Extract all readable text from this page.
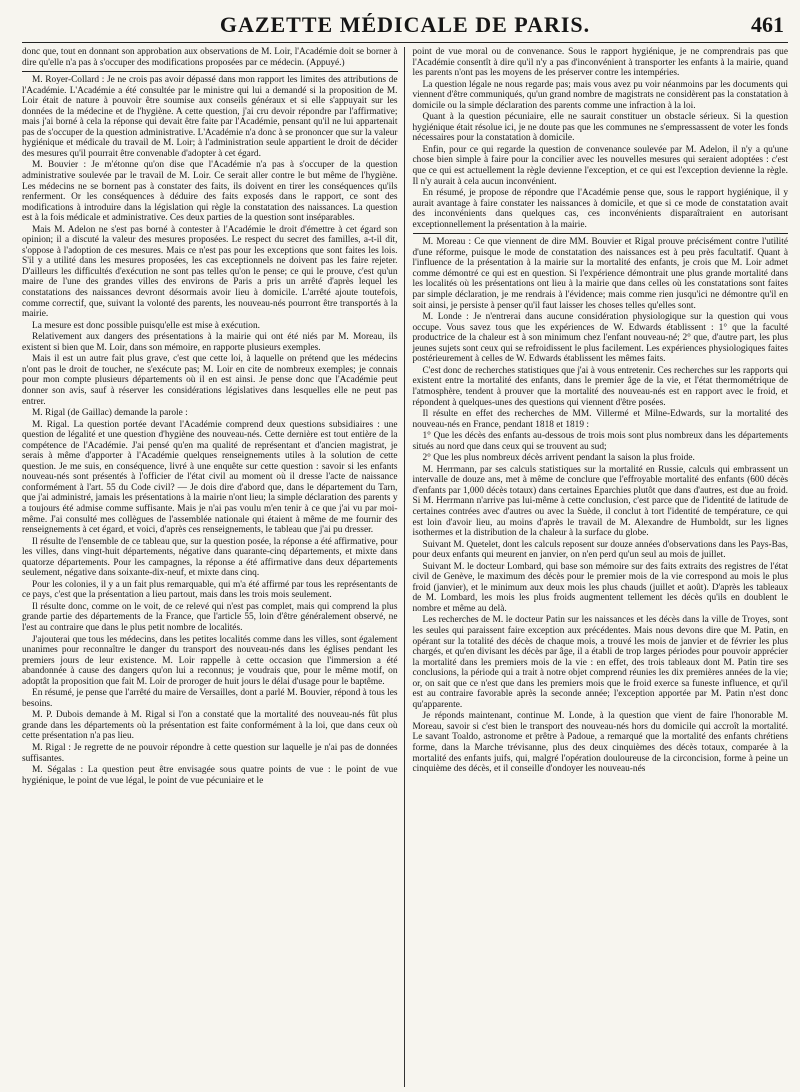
GAZETTE MÉDICALE DE PARIS.	461

donc que, tout en donnant son approbation aux observations de M. Loir, l'Académie doit se borner à dire qu'elle n'a pas à s'occuper des modifications proposées par ce médecin. (Appuyé.)

M. Royer-Collard : Je ne crois pas avoir dépassé dans mon rapport les limites des attributions de l'Académie. L'Académie a été consultée par le ministre qui lui a demandé si la proposition de M. Loir était de nature à pouvoir être soumise aux conseils généraux et si elle s'appuyait sur les données de la médecine et de l'hygiène. A cette question, j'ai cru devoir répondre par l'affirmative; mais j'ai borné à cela la réponse qui devait être faite par l'Académie, pensant qu'il ne lui appartenait pas de s'occuper de la question administrative. L'Académie n'a donc à se prononcer que sur la valeur hygiénique et médicale du travail de M. Loir; à l'administration seule appartient le droit de décider des mesures qu'il pourrait être convenable d'adopter à cet égard.

M. Bouvier : Je m'étonne qu'on dise que l'Académie n'a pas à s'occuper de la question administrative soulevée par le travail de M. Loir. Ce serait aller contre le but même de l'hygiène. Les médecins ne se bornent pas à constater des faits, ils doivent en tirer les conséquences qu'ils renferment. Or les conséquences à déduire des faits exposés dans le rapport, ce sont des modifications à introduire dans la législation qui règle la constatation des naissances. La question est à la fois médicale et administrative. Ces deux parties de la question sont inséparables.

Mais M. Adelon ne s'est pas borné à contester à l'Académie le droit d'émettre à cet égard son opinion; il a discuté la valeur des mesures proposées. Le respect du secret des familles, a-t-il dit, s'oppose à l'adoption de ces mesures. Mais ce n'est pas pour les exceptions que sont faites les lois. S'il y a utilité dans les mesures proposées, les cas exceptionnels ne doivent pas les faire rejeter. D'ailleurs les difficultés d'exécution ne sont pas telles qu'on le pense; ce qui le prouve, c'est qu'un maire de l'une des grandes villes des environs de Paris a pris un arrêté d'après lequel les constatations des naissances devront désormais avoir lieu à domicile. L'arrêté ajoute toutefois, comme correctif, que, suivant la volonté des parents, les nouveau-nés pourront être transportés à la mairie.

La mesure est donc possible puisqu'elle est mise à exécution.

Relativement aux dangers des présentations à la mairie qui ont été niés par M. Moreau, ils existent si bien que M. Loir, dans son mémoire, en rapporte plusieurs exemples.

Mais il est un autre fait plus grave, c'est que cette loi, à laquelle on prétend que les médecins n'ont pas le droit de toucher, ne s'exécute pas; M. Loir en cite de nombreux exemples; je connais pour mon compte plusieurs départements où il en est ainsi. Je pense donc que l'Académie peut donner son avis, sauf à réserver les considérations législatives dans lesquelles elle ne peut pas entrer.

M. Rigal (de Gaillac) demande la parole :

M. Rigal. La question portée devant l'Académie comprend deux questions subsidiaires : une question de légalité et une question d'hygiène des nouveau-nés. Cette dernière est tout entière de la compétence de l'Académie. J'ai pensé qu'en ma qualité de représentant et d'ancien magistrat, je serais à même d'apporter à l'Académie quelques renseignements utiles à la solution de cette question. Je me suis, en conséquence, livré à une enquête sur cette question : savoir si les enfants nouveau-nés sont présentés à l'officier de l'état civil au moment où il dresse l'acte de naissance conformément à l'art. 55 du Code civil? — Je dois dire d'abord que, dans le département du Tarn, que j'ai administré, jamais les présentations à la mairie n'ont lieu; la simple déclaration des parents y a toujours été admise comme suffisante. Mais je n'ai pas voulu m'en tenir à ce que j'ai vu par moi-même. J'ai consulté mes collègues de l'assemblée nationale qui étaient à même de me fournir des renseignements à cet égard, et voici, d'après ces renseignements, le tableau que j'ai pu dresser.

Il résulte de l'ensemble de ce tableau que, sur la question posée, la réponse a été affirmative, pour les villes, dans vingt-huit départements, négative dans quarante-cinq départements, et mixte dans quatorze départements. Pour les campagnes, la réponse a été affirmative dans deux départements seulement, négative dans soixante-dix-neuf, et mixte dans cinq.

Pour les colonies, il y a un fait plus remarquable, qui m'a été affirmé par tous les représentants de ce pays, c'est que la présentation a lieu partout, mais dans les trois mois seulement.

Il résulte donc, comme on le voit, de ce relevé qui n'est pas complet, mais qui comprend la plus grande partie des départements de la France, que l'article 55, loin d'être généralement observé, ne l'est au contraire que dans le plus petit nombre de localités.

J'ajouterai que tous les médecins, dans les petites localités comme dans les villes, sont également unanimes pour reconnaître le danger du transport des nouveau-nés dans les églises pendant les premiers jours de leur existence. M. Loir rappelle à cette occasion que l'immersion a été abandonnée à cause des dangers qu'on lui a reconnus; je voudrais que, pour le même motif, on adoptât la proposition que fait M. Loir de proroger de huit jours le délai d'usage pour le baptême.

En résumé, je pense que l'arrêté du maire de Versailles, dont a parlé M. Bouvier, répond à tous les besoins.

M. P. Dubois demande à M. Rigal si l'on a constaté que la mortalité des nouveau-nés fût plus grande dans les départements où la présentation est faite conformément à la loi, que dans ceux où cette présentation n'a pas lieu.

M. Rigal : Je regrette de ne pouvoir répondre à cette question sur laquelle je n'ai pas de données suffisantes.

M. Ségalas : La question peut être envisagée sous quatre points de vue : le point de vue hygiénique, le point de vue légal, le point de vue pécuniaire et le

point de vue moral ou de convenance. Sous le rapport hygiénique, je ne comprendrais pas que l'Académie consentît à dire qu'il n'y a pas d'inconvénient à transporter les enfants à la mairie, quand les parents n'ont pas les moyens de les préserver contre les intempéries.

La question légale ne nous regarde pas; mais vous avez pu voir néanmoins par les documents qui viennent d'être communiqués, qu'un grand nombre de magistrats ne considèrent pas la constatation à domicile ou la simple déclaration des parents comme une infraction à la loi.

Quant à la question pécuniaire, elle ne saurait constituer un obstacle sérieux. Si la question hygiénique était résolue ici, je ne doute pas que les communes ne s'empressassent de voter les fonds nécessaires pour la constatation à domicile.

Enfin, pour ce qui regarde la question de convenance soulevée par M. Adelon, il n'y a qu'une chose bien simple à faire pour la concilier avec les nouvelles mesures qui seraient adoptées : c'est que ce qui est actuellement la règle devienne l'exception, et ce qui est l'exception devienne la règle. Il n'y aurait à cela aucun inconvénient.

En résumé, je propose de répondre que l'Académie pense que, sous le rapport hygiénique, il y aurait avantage à faire constater les naissances à domicile, et que si ce mode de constatation avait des inconvénients dans quelques cas, ces inconvénients disparaîtraient en autorisant exceptionnellement la présentation à la mairie.

M. Moreau : Ce que viennent de dire MM. Bouvier et Rigal prouve précisément contre l'utilité d'une réforme, puisque le mode de constatation des naissances est à peu près facultatif. Quant à l'influence de la présentation à la mairie sur la mortalité des enfants, je crois que M. Loir admet comme démontré ce qui est en question. Si l'expérience démontrait une plus grande mortalité dans les localités où les présentations ont lieu à la mairie que dans celles où les constatations sont faites par simple déclaration, je me rendrais à l'évidence; mais comme rien jusqu'ici ne démontre qu'il en soit ainsi, je persiste à penser qu'il faut laisser les choses telles qu'elles sont.

M. Londe : Je n'entrerai dans aucune considération physiologique sur la question qui vous occupe. Vous savez tous que les expériences de W. Edwards établissent : 1° que la faculté productrice de la chaleur est à son minimum chez l'enfant nouveau-né; 2° que, d'autre part, les plus jeunes sujets sont ceux qui se refroidissent le plus facilement. Les expériences physiologiques faites postérieurement à celles de W. Edwards établissent les mêmes faits.

C'est donc de recherches statistiques que j'ai à vous entretenir. Ces recherches sur les rapports qui existent entre la mortalité des enfants, dans le premier âge de la vie, et l'état thermométrique de l'atmosphère, tendent à prouver que la mortalité des nouveau-nés est en rapport avec le froid, et répondent à quelques-unes des questions qui viennent d'être posées.

Il résulte en effet des recherches de MM. Villermé et Milne-Edwards, sur la mortalité des nouveau-nés en France, pendant 1818 et 1819 :

1° Que les décès des enfants au-dessous de trois mois sont plus nombreux dans les départements situés au nord que dans ceux qui se trouvent au sud;

2° Que les plus nombreux décès arrivent pendant la saison la plus froide.

M. Herrmann, par ses calculs statistiques sur la mortalité en Russie, calculs qui embrassent un intervalle de douze ans, met à même de conclure que l'effroyable mortalité des enfants (600 décès d'enfants par 1,000 décès totaux) dans certaines Eparchies plutôt que dans d'autres, est due au froid. Si M. Herrmann n'arrive pas lui-même à cette conclusion, c'est parce que de l'identité de latitude de certaines contrées avec d'autres ou avec la Suède, il conclut à tort l'identité de température, ce qui est loin d'avoir lieu, au moins d'après le travail de M. Alexandre de Humboldt, sur les lignes isothermes et la distribution de la chaleur à la surface du globe.

Suivant M. Quetelet, dont les calculs reposent sur douze années d'observations dans les Pays-Bas, pour deux enfants qui meurent en janvier, on n'en perd qu'un seul au mois de juillet.

Suivant M. le docteur Lombard, qui base son mémoire sur des faits extraits des registres de l'état civil de Genève, le maximum des décès pour le premier mois de la vie correspond au mois le plus froid (janvier), et le minimum aux deux mois les plus chauds (juillet et août). D'après les tableaux de M. Lombard, les mois les plus froids augmentent tellement les décès qu'ils en doublent le nombre et même au delà.

Les recherches de M. le docteur Patin sur les naissances et les décès dans la ville de Troyes, sont les seules qui paraissent faire exception aux précédentes. Mais nous devons dire que M. Patin, en opérant sur la totalité des décès de chaque mois, a trouvé les mois de janvier et de février les plus chargés, et qu'en divisant les décès par âge, il a établi de trop larges périodes pour pouvoir apprécier la mortalité dans les premiers mois de la vie : en effet, des trois tableaux dont M. Patin tire ses conclusions, la période qui a trait à notre objet comprend réunies les dix premières années de la vie; or, on sait que ce n'est que dans les premiers mois que le froid exerce sa funeste influence, et qu'il est au contraire favorable après la seconde année; l'exception apportée par M. Patin n'est donc qu'apparente.

Je réponds maintenant, continue M. Londe, à la question que vient de faire l'honorable M. Moreau, savoir si c'est bien le transport des nouveau-nés hors du domicile qui accroît la mortalité. Le savant Toaldo, astronome et prêtre à Padoue, a remarqué que la mortalité des enfants chrétiens forme, dans la Marche trévisanne, plus des deux cinquièmes des décès totaux, comparée à la mortalité des enfants juifs, qui, malgré l'opération douloureuse de la circoncision, forme à peine un cinquième des décès, et il conseille d'ondoyer les nouveau-nés
